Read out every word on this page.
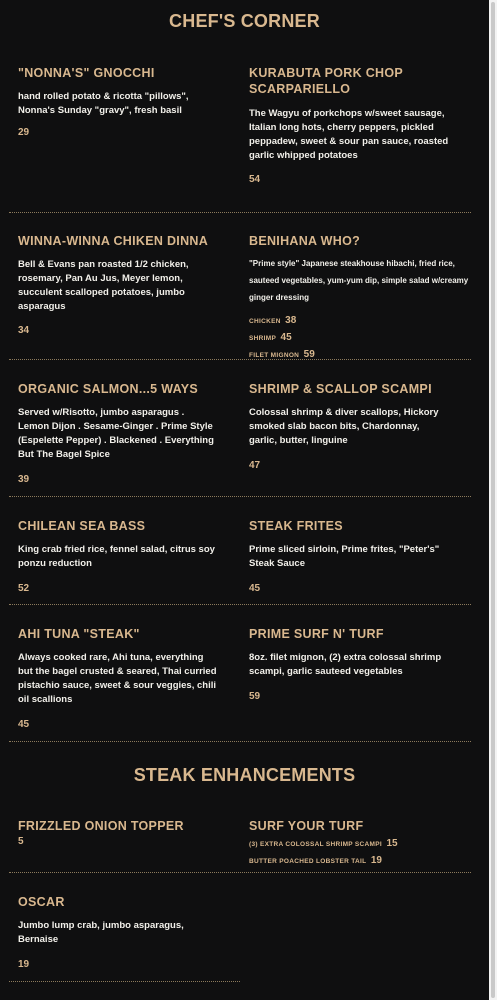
CHEF'S CORNER
"NONNA'S" GNOCCHI
hand rolled potato & ricotta "pillows", Nonna's Sunday "gravy", fresh basil
29
KURABUTA PORK CHOP SCARPARIELLO
The Wagyu of porkchops w/sweet sausage, Italian long hots, cherry peppers, pickled peppadew, sweet & sour pan sauce, roasted garlic whipped potatoes
54
WINNA-WINNA CHIKEN DINNA
Bell & Evans pan roasted 1/2 chicken, rosemary, Pan Au Jus, Meyer lemon, succulent scalloped potatoes, jumbo asparagus
34
BENIHANA WHO?
"Prime style" Japanese steakhouse hibachi, fried rice, sauteed vegetables, yum-yum dip, simple salad w/creamy ginger dressing
CHICKEN 38
SHRIMP 45
FILET MIGNON 59
ORGANIC SALMON...5 WAYS
Served w/Risotto, jumbo asparagus . Lemon Dijon . Sesame-Ginger . Prime Style (Espelette Pepper) . Blackened . Everything But The Bagel Spice
39
SHRIMP & SCALLOP SCAMPI
Colossal shrimp & diver scallops, Hickory smoked slab bacon bits, Chardonnay, garlic, butter, linguine
47
CHILEAN SEA BASS
King crab fried rice, fennel salad, citrus soy ponzu reduction
52
STEAK FRITES
Prime sliced sirloin, Prime frites, "Peter's" Steak Sauce
45
AHI TUNA "STEAK"
Always cooked rare, Ahi tuna, everything but the bagel crusted & seared, Thai curried pistachio sauce, sweet & sour veggies, chili oil scallions
45
PRIME SURF N' TURF
8oz. filet mignon, (2) extra colossal shrimp scampi, garlic sauteed vegetables
59
STEAK ENHANCEMENTS
FRIZZLED ONION TOPPER
5
SURF YOUR TURF
(3) EXTRA COLOSSAL SHRIMP SCAMPI 15
BUTTER POACHED LOBSTER TAIL 19
OSCAR
Jumbo lump crab, jumbo asparagus, Bernaise
19
